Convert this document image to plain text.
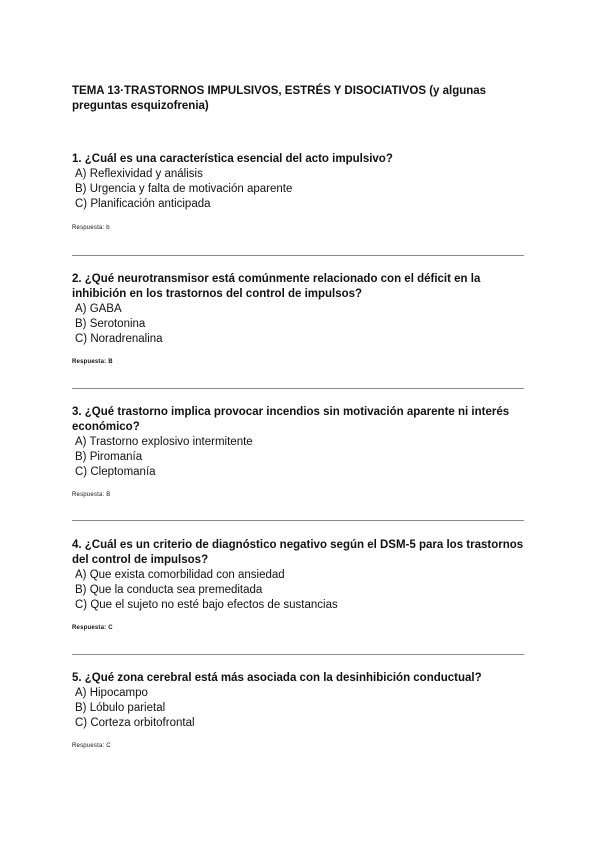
TEMA 13·TRASTORNOS IMPULSIVOS, ESTRÉS Y DISOCIATIVOS (y algunas preguntas esquizofrenia)

1. ¿Cuál es una característica esencial del acto impulsivo?

A) Reflexividad y análisis
B) Urgencia y falta de motivación aparente
C) Planificación anticipada
Respuesta: b

2. ¿Qué neurotransmisor está comúnmente relacionado con el déficit en la inhibición en los trastornos del control de impulsos?

A) GABA
B) Serotonina
C) Noradrenalina
Respuesta: B

3. ¿Qué trastorno implica provocar incendios sin motivación aparente ni interés económico?

A) Trastorno explosivo intermitente
B) Piromanía
C) Cleptomanía
Respuesta: B

4. ¿Cuál es un criterio de diagnóstico negativo según el DSM-5 para los trastornos del control de impulsos?

A) Que exista comorbilidad con ansiedad
B) Que la conducta sea premeditada
C) Que el sujeto no esté bajo efectos de sustancias
Respuesta: C

5. ¿Qué zona cerebral está más asociada con la desinhibición conductual?

A) Hipocampo
B) Lóbulo parietal
C) Corteza orbitofrontal
Respuesta: C
